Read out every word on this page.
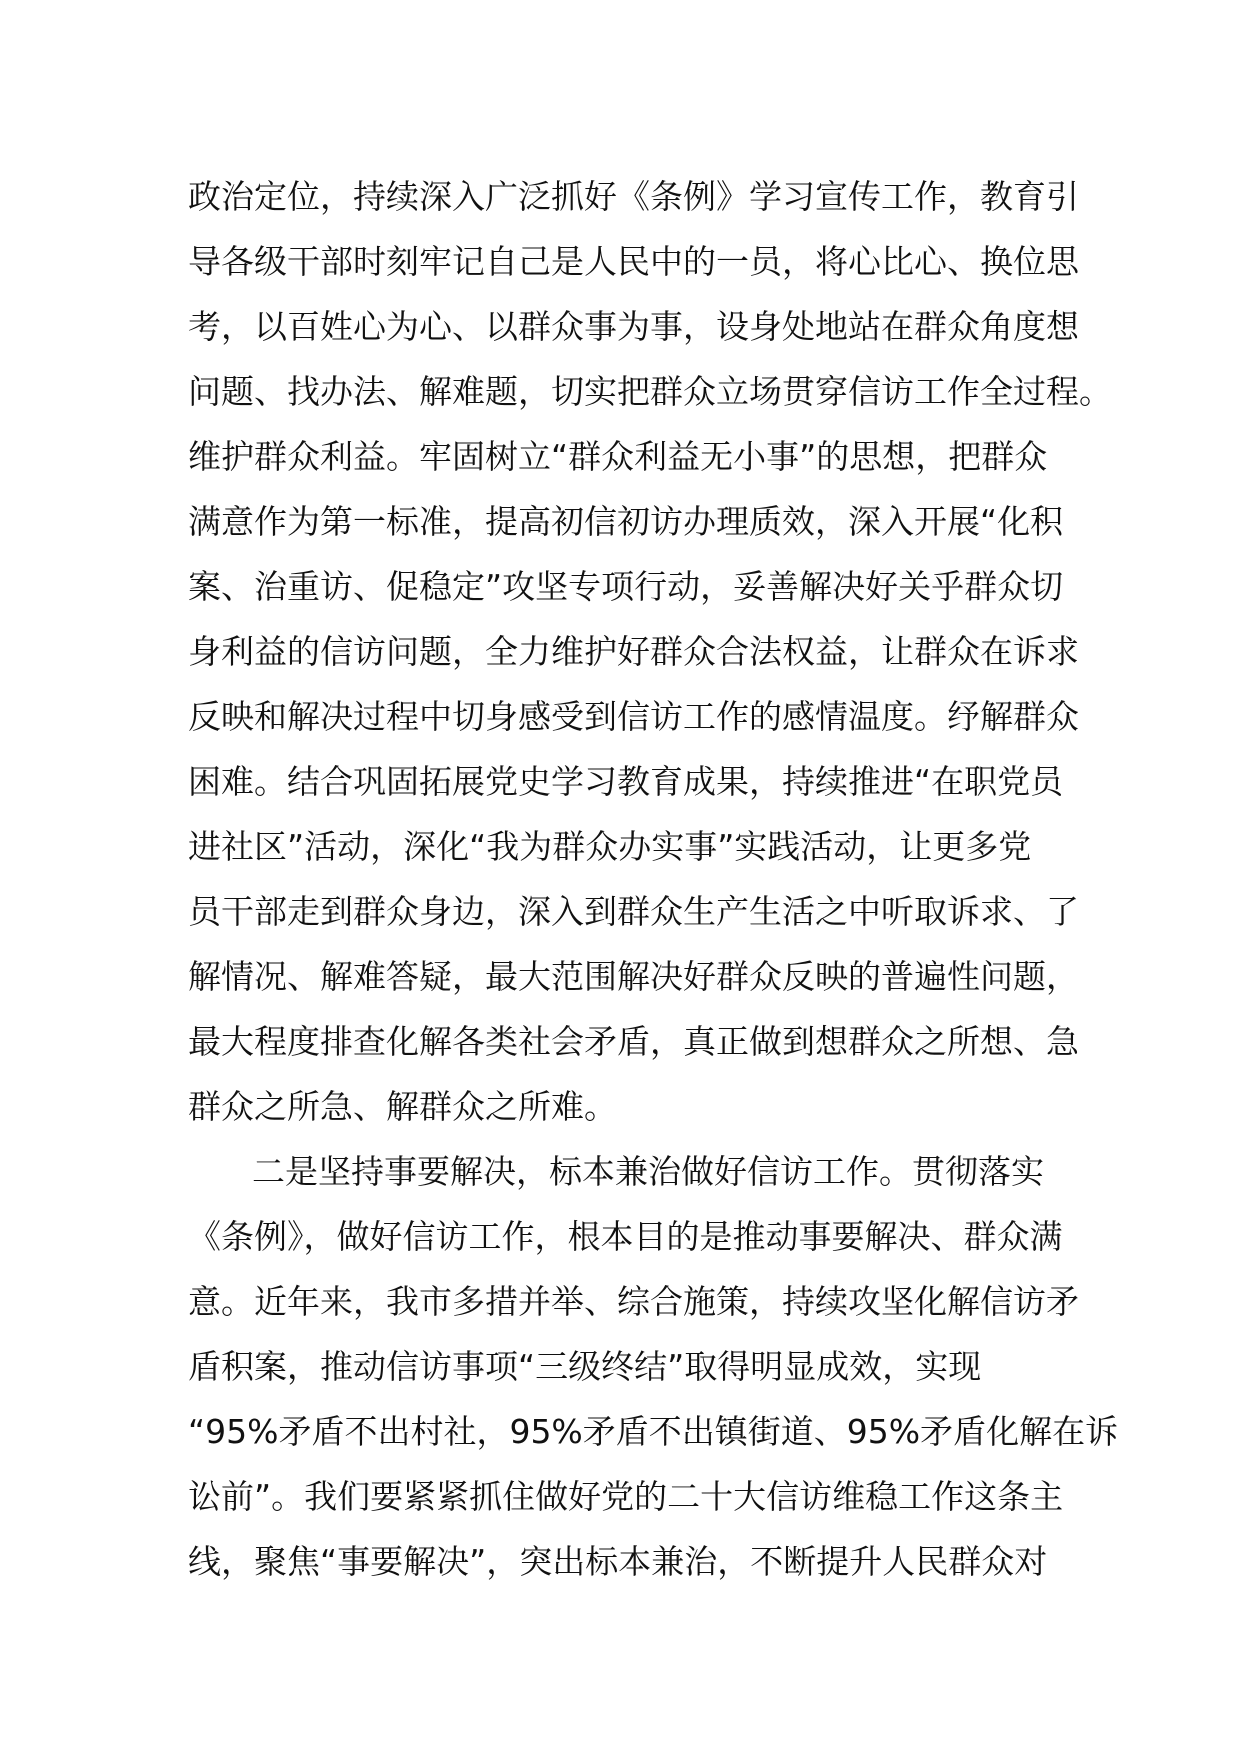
政治定位，持续深入广泛抓好《条例》学习宣传工作，教育引
导各级干部时刻牢记自己是人民中的一员，将心比心、换位思
考，以百姓心为心、以群众事为事，设身处地站在群众角度想
问题、找办法、解难题，切实把群众立场贯穿信访工作全过程。
维护群众利益。牢固树立“群众利益无小事”的思想，把群众
满意作为第一标准，提高初信初访办理质效，深入开展“化积
案、治重访、促稳定”攻坚专项行动，妥善解决好关乎群众切
身利益的信访问题，全力维护好群众合法权益，让群众在诉求
反映和解决过程中切身感受到信访工作的感情温度。纾解群众
困难。结合巩固拓展党史学习教育成果，持续推进“在职党员
进社区”活动，深化“我为群众办实事”实践活动，让更多党
员干部走到群众身边，深入到群众生产生活之中听取诉求、了
解情况、解难答疑，最大范围解决好群众反映的普遍性问题，
最大程度排查化解各类社会矛盾，真正做到想群众之所想、急
群众之所急、解群众之所难。
二是坚持事要解决，标本兼治做好信访工作。贯彻落实
《条例》，做好信访工作，根本目的是推动事要解决、群众满
意。近年来，我市多措并举、综合施策，持续攻坚化解信访矛
盾积案，推动信访事项“三级终结”取得明显成效，实现
“95%矛盾不出村社，95%矛盾不出镇街道、95%矛盾化解在诉
讼前”。我们要紧紧抓住做好党的二十大信访维稳工作这条主
线，聚焦“事要解决”，突出标本兼治，不断提升人民群众对
